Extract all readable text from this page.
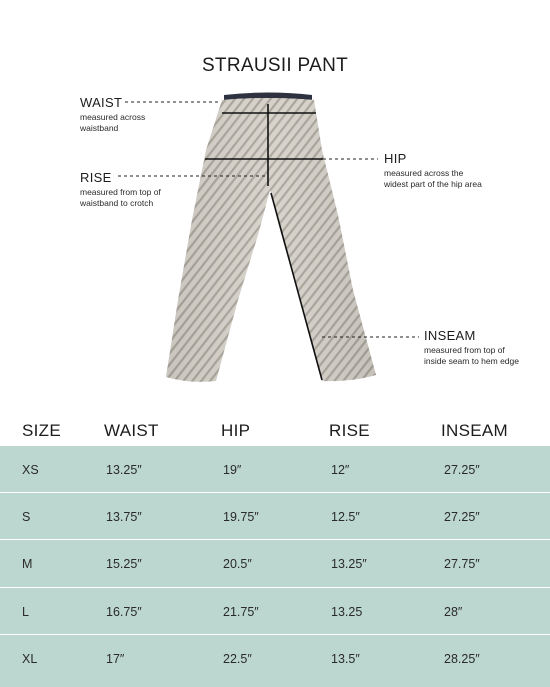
STRAUSII PANT
WAIST
measured across
waistband
RISE
measured from top of
waistband to crotch
HIP
measured across the
widest part of the hip area
INSEAM
measured from top of
inside seam to hem edge
SIZE	WAIST	HIP	RISE	INSEAM
XS	13.25″	19″	12″	27.25″
S	13.75″	19.75″	12.5″	27.25″
M	15.25″	20.5″	13.25″	27.75″
L	16.75″	21.75″	13.25	28″
XL	17″	22.5″	13.5″	28.25″
